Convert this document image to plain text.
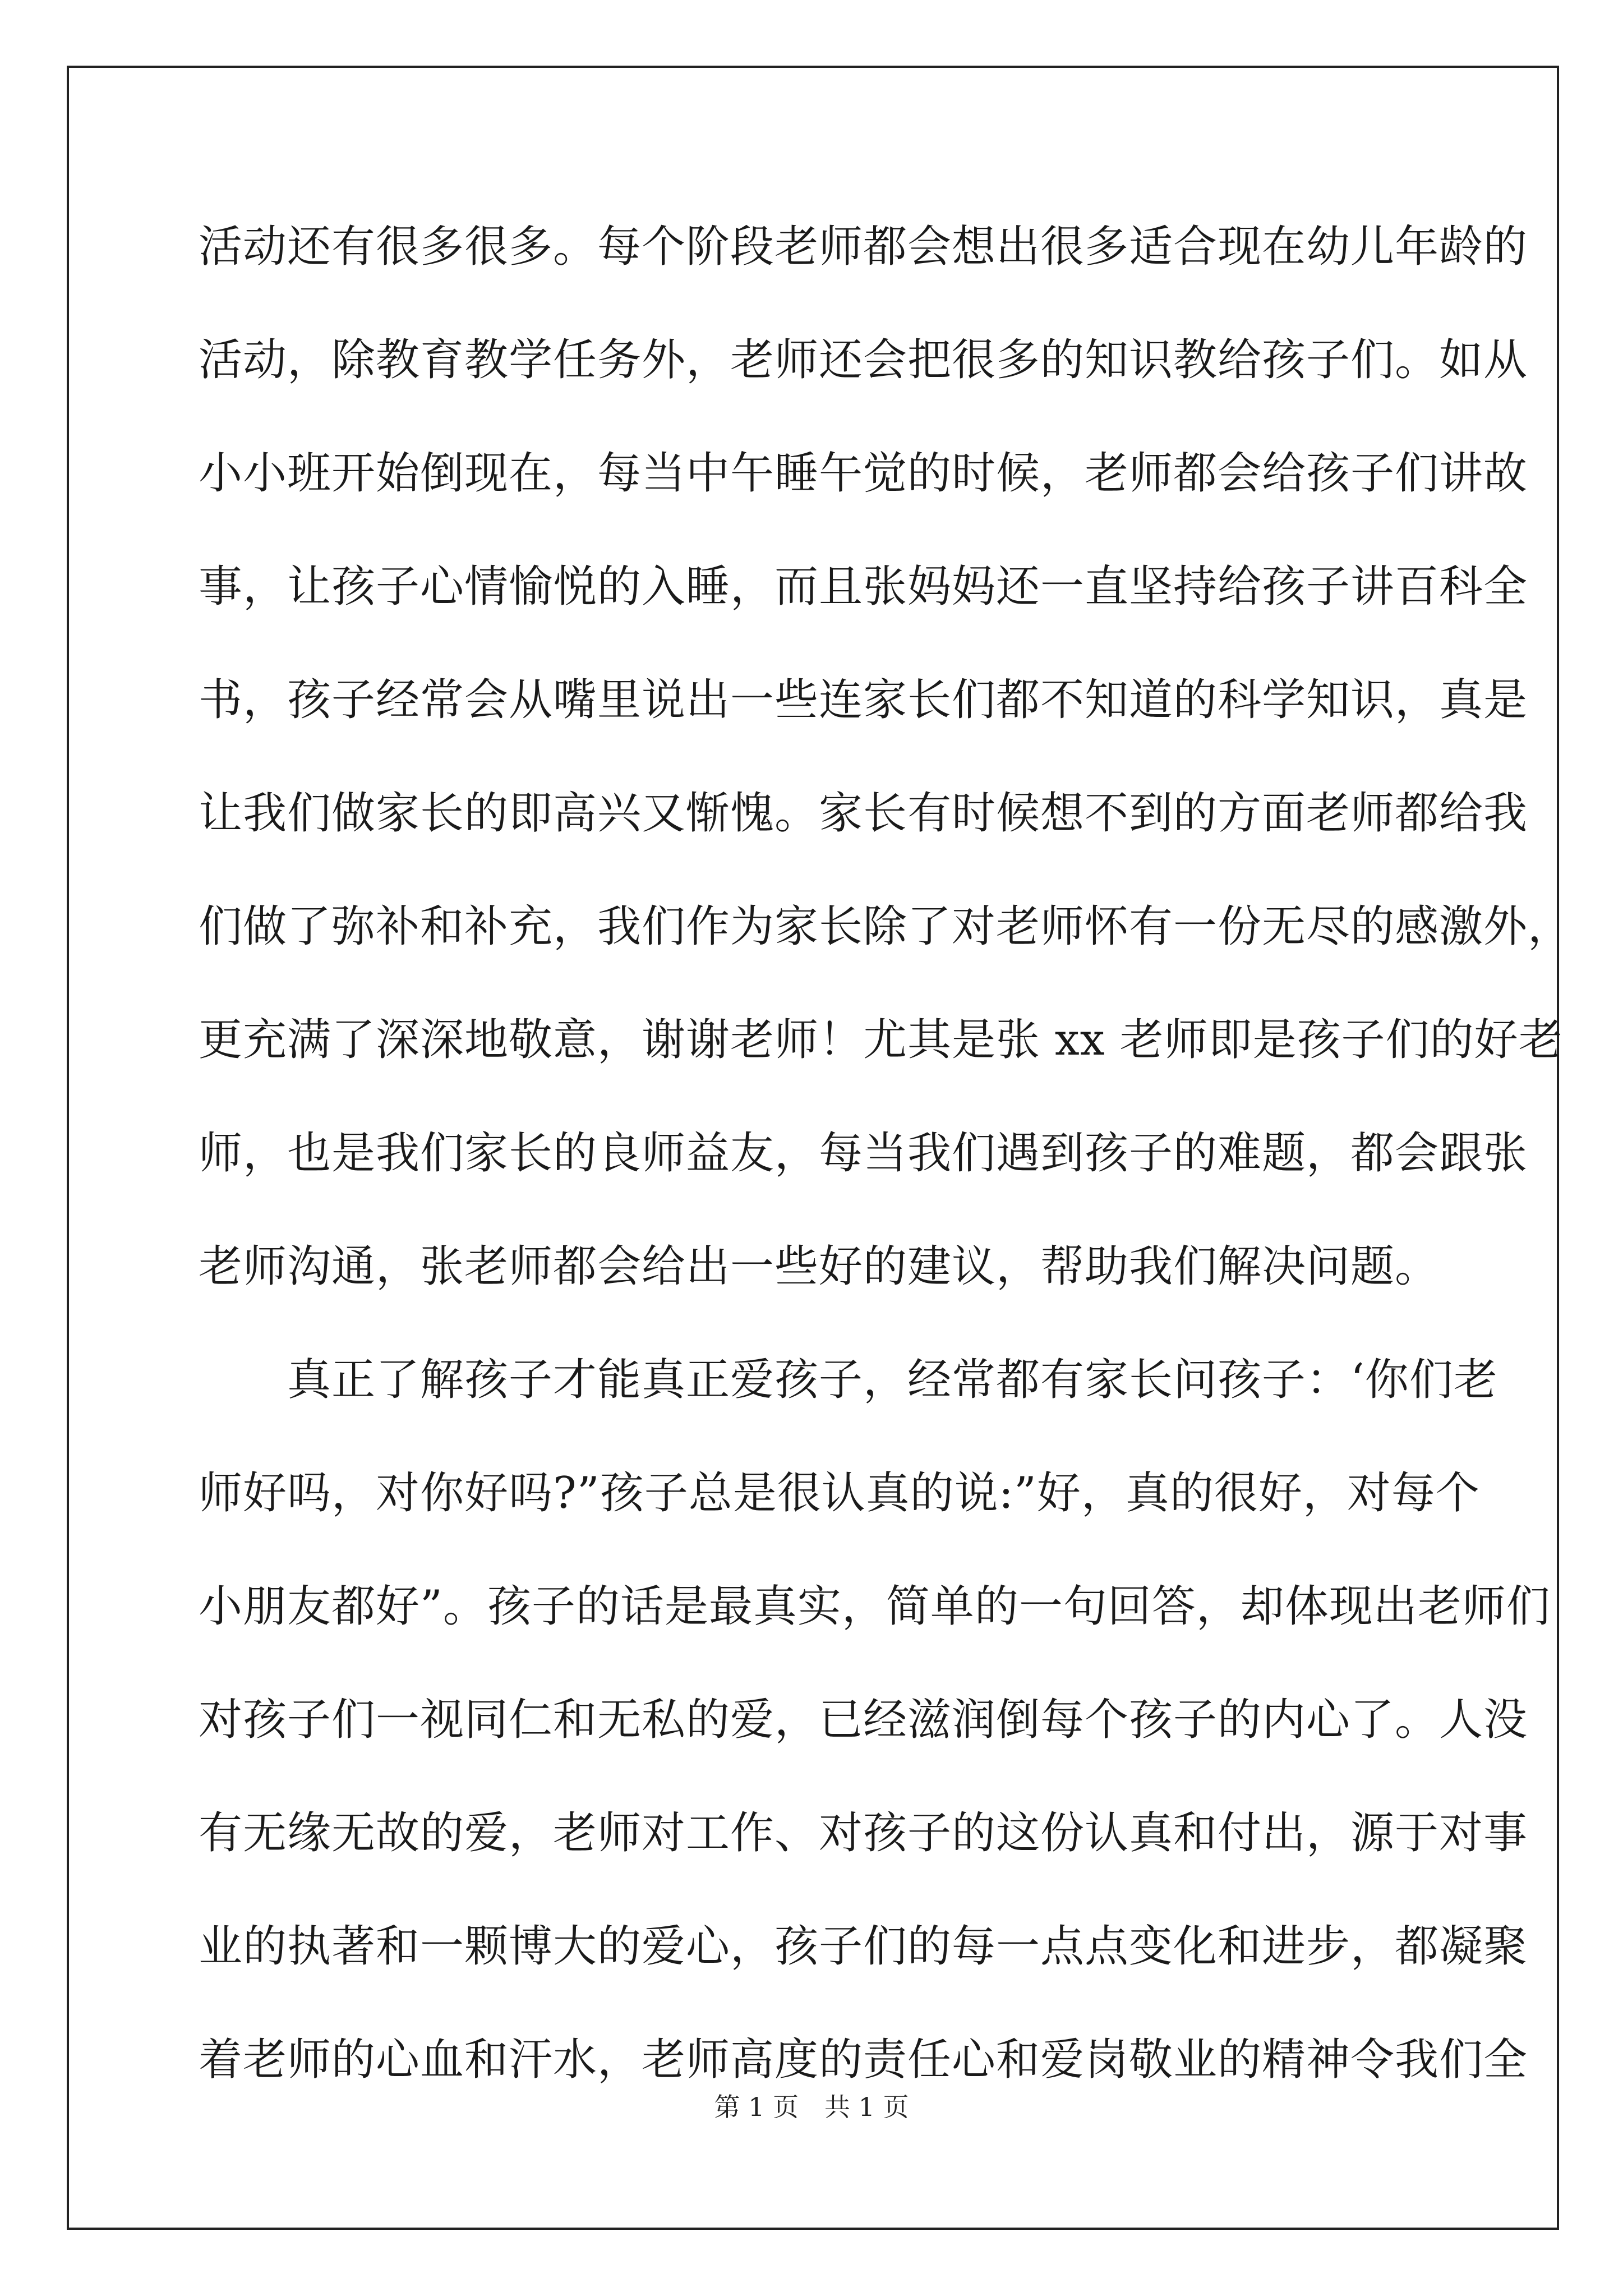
活动还有很多很多。每个阶段老师都会想出很多适合现在幼儿年龄的
活动，除教育教学任务外，老师还会把很多的知识教给孩子们。如从
小小班开始倒现在，每当中午睡午觉的时候，老师都会给孩子们讲故
事，让孩子心情愉悦的入睡，而且张妈妈还一直坚持给孩子讲百科全
书，孩子经常会从嘴里说出一些连家长们都不知道的科学知识，真是
让我们做家长的即高兴又惭愧。家长有时候想不到的方面老师都给我
们做了弥补和补充，我们作为家长除了对老师怀有一份无尽的感激外，
更充满了深深地敬意，谢谢老师！尤其是张 xx 老师即是孩子们的好老
师，也是我们家长的良师益友，每当我们遇到孩子的难题，都会跟张
老师沟通，张老师都会给出一些好的建议，帮助我们解决问题。
　　真正了解孩子才能真正爱孩子，经常都有家长问孩子：‘你们老
师好吗，对你好吗?”孩子总是很认真的说:”好，真的很好，对每个
小朋友都好”。孩子的话是最真实，简单的一句回答，却体现出老师们
对孩子们一视同仁和无私的爱，已经滋润倒每个孩子的内心了。人没
有无缘无故的爱，老师对工作、对孩子的这份认真和付出，源于对事
业的执著和一颗博大的爱心，孩子们的每一点点变化和进步，都凝聚
着老师的心血和汗水，老师高度的责任心和爱岗敬业的精神令我们全
第 1 页　共 1 页
